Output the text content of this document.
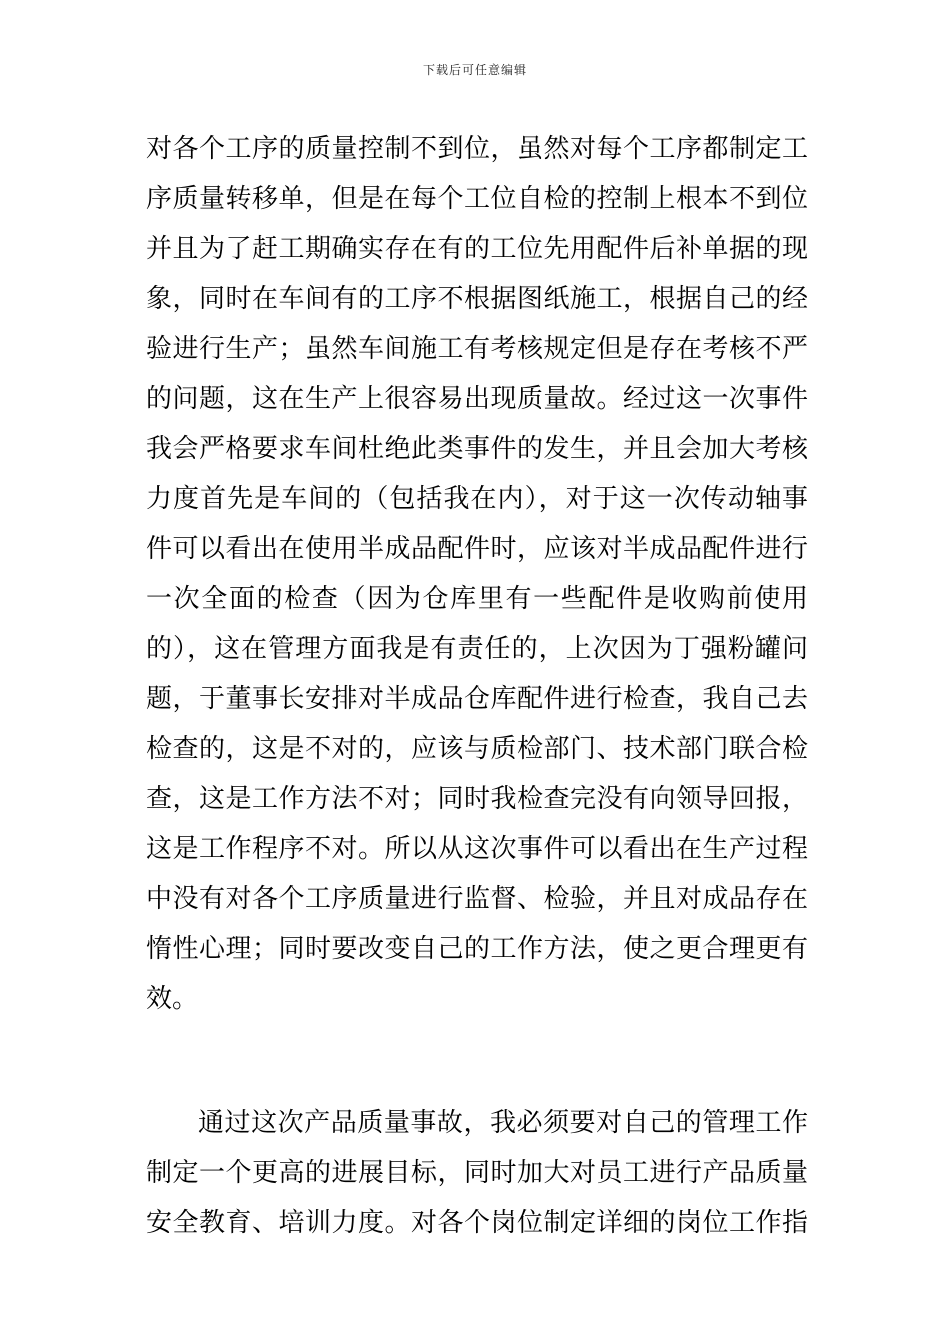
下载后可任意编辑
对各个工序的质量控制不到位，虽然对每个工序都制定工
序质量转移单，但是在每个工位自检的控制上根本不到位
并且为了赶工期确实存在有的工位先用配件后补单据的现
象，同时在车间有的工序不根据图纸施工，根据自己的经
验进行生产；虽然车间施工有考核规定但是存在考核不严
的问题，这在生产上很容易出现质量故。经过这一次事件
我会严格要求车间杜绝此类事件的发生，并且会加大考核
力度首先是车间的（包括我在内），对于这一次传动轴事
件可以看出在使用半成品配件时，应该对半成品配件进行
一次全面的检查（因为仓库里有一些配件是收购前使用
的），这在管理方面我是有责任的，上次因为丁强粉罐问
题，于董事长安排对半成品仓库配件进行检查，我自己去
检查的，这是不对的，应该与质检部门、技术部门联合检
查，这是工作方法不对；同时我检查完没有向领导回报，
这是工作程序不对。所以从这次事件可以看出在生产过程
中没有对各个工序质量进行监督、检验，并且对成品存在
惰性心理；同时要改变自己的工作方法，使之更合理更有
效。
通过这次产品质量事故，我必须要对自己的管理工作
制定一个更高的进展目标，同时加大对员工进行产品质量
安全教育、培训力度。对各个岗位制定详细的岗位工作指
